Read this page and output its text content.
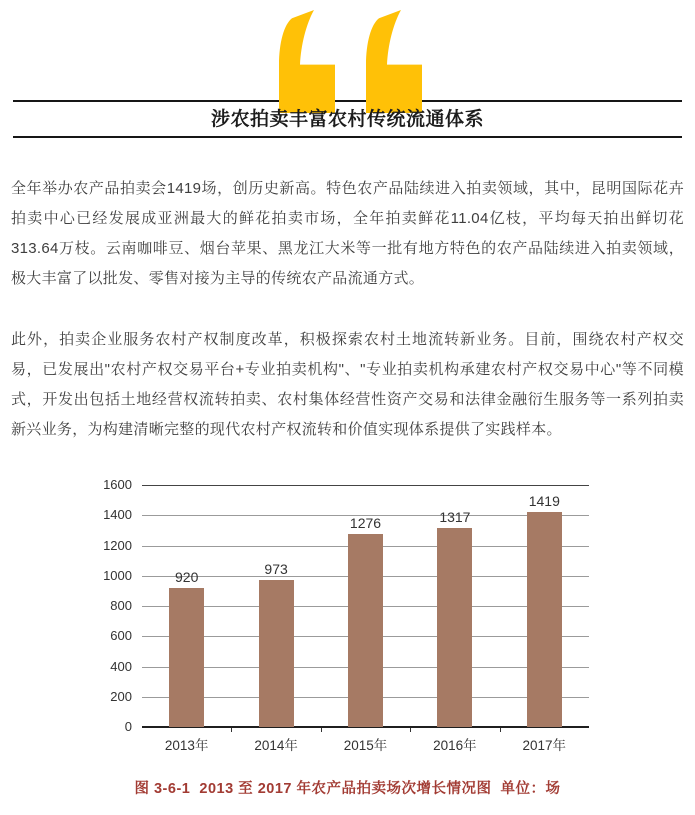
涉农拍卖丰富农村传统流通体系

全年举办农产品拍卖会1419场，创历史新高。特色农产品陆续进入拍卖领域，其中，昆明国际花卉拍卖中心已经发展成亚洲最大的鲜花拍卖市场，全年拍卖鲜花11.04亿枝，平均每天拍出鲜切花313.64万枝。云南咖啡豆、烟台苹果、黑龙江大米等一批有地方特色的农产品陆续进入拍卖领域，极大丰富了以批发、零售对接为主导的传统农产品流通方式。

此外，拍卖企业服务农村产权制度改革，积极探索农村土地流转新业务。目前，围绕农村产权交易，已发展出"农村产权交易平台+专业拍卖机构"、"专业拍卖机构承建农村产权交易中心"等不同模式，开发出包括土地经营权流转拍卖、农村集体经营性资产交易和法律金融衍生服务等一系列拍卖新兴业务，为构建清晰完整的现代农村产权流转和价值实现体系提供了实践样本。

0
200
400
600
800
1000
1200
1400
1600
920
2013年
973
2014年
1276
2015年
1317
2016年
1419
2017年
图 3-6-1  2013 至 2017 年农产品拍卖场次增长情况图  单位：场
